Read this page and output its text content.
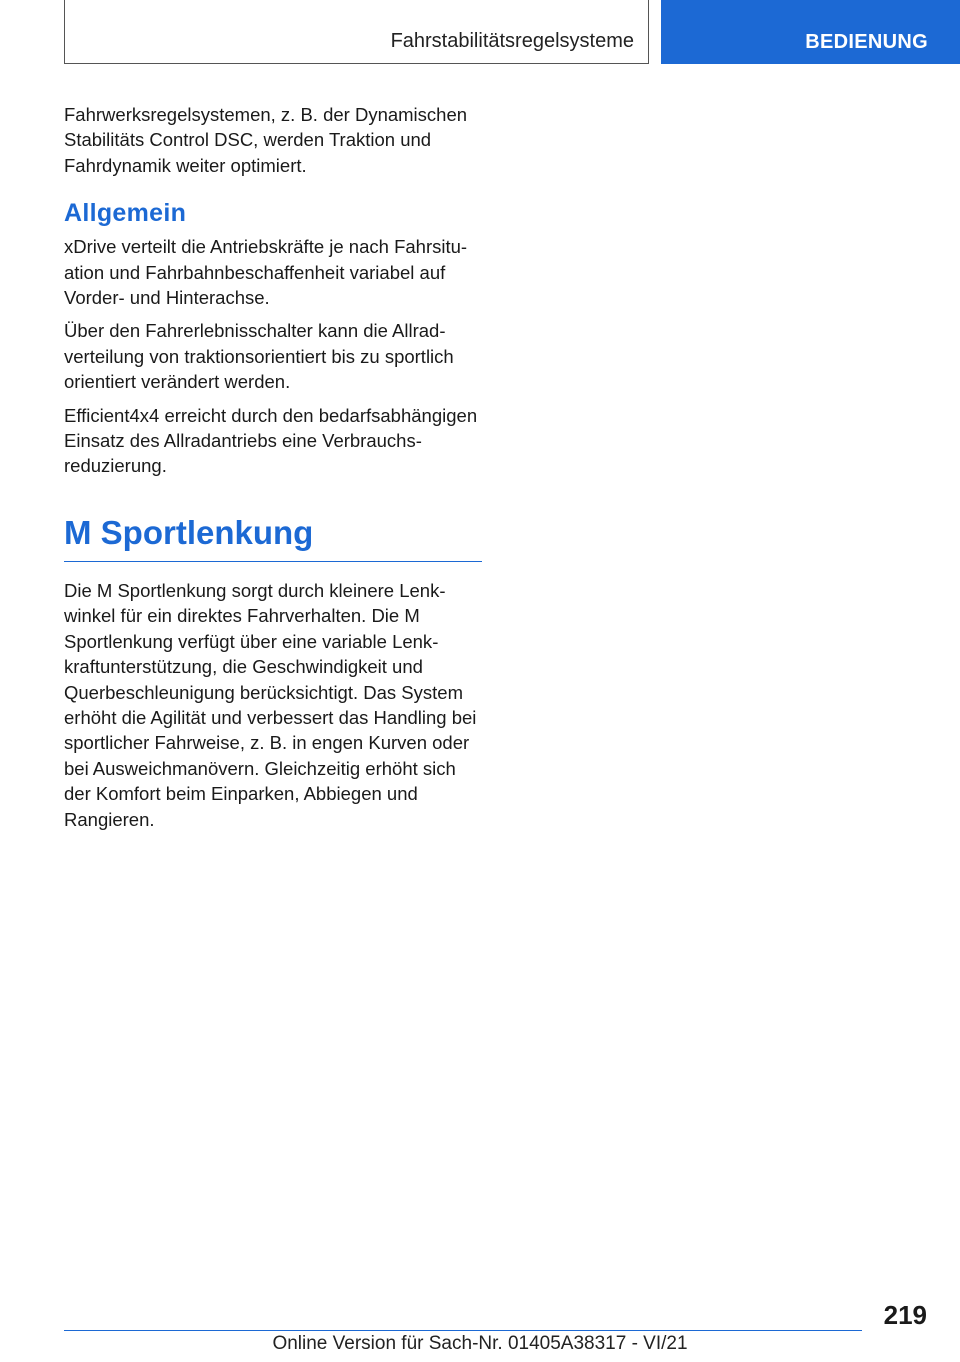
Fahrstabilitätsregelsysteme	BEDIENUNG

Fahrwerksregelsystemen, z. B. der Dynamischen Stabilitäts Control DSC, werden Traktion und Fahrdynamik weiter optimiert.

Allgemein

xDrive verteilt die Antriebskräfte je nach Fahrsituation und Fahrbahnbeschaffenheit variabel auf Vorder- und Hinterachse.

Über den Fahrerlebnisschalter kann die Allradverteilung von traktionsorientiert bis zu sportlich orientiert verändert werden.

Efficient4x4 erreicht durch den bedarfsabhängigen Einsatz des Allradantriebs eine Verbrauchsreduzierung.

M Sportlenkung

Die M Sportlenkung sorgt durch kleinere Lenkwinkel für ein direktes Fahrverhalten. Die M Sportlenkung verfügt über eine variable Lenkkraftunterstützung, die Geschwindigkeit und Querbeschleunigung berücksichtigt. Das System erhöht die Agilität und verbessert das Handling bei sportlicher Fahrweise, z. B. in engen Kurven oder bei Ausweichmanövern. Gleichzeitig erhöht sich der Komfort beim Einparken, Abbiegen und Rangieren.

219
Online Version für Sach-Nr. 01405A38317 - VI/21
